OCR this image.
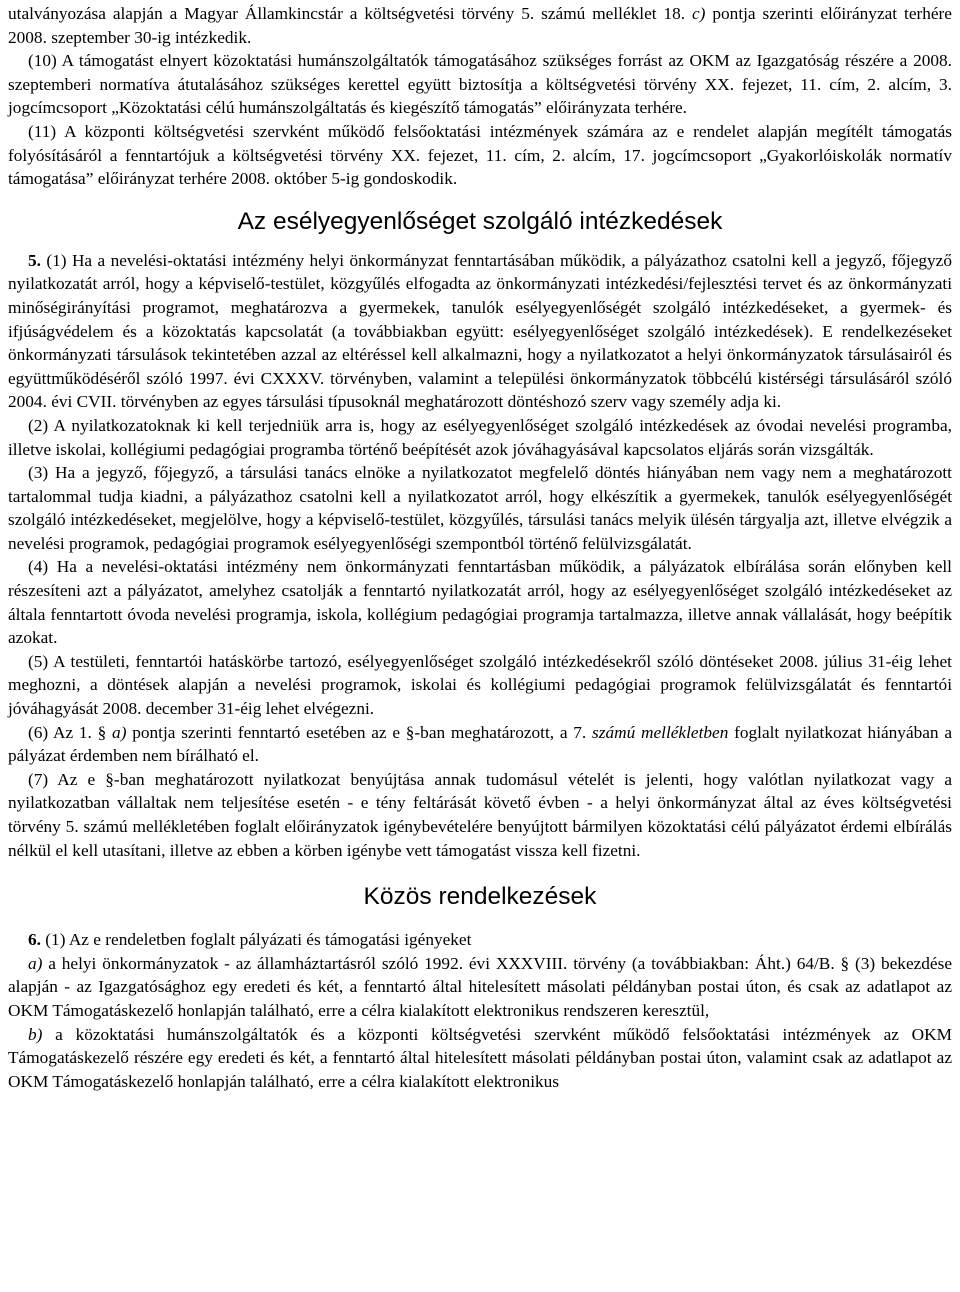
utalványozása alapján a Magyar Államkincstár a költségvetési törvény 5. számú melléklet 18. c) pontja szerinti előirányzat terhére 2008. szeptember 30-ig intézkedik.

(10) A támogatást elnyert közoktatási humánszolgáltatók támogatásához szükséges forrást az OKM az Igazgatóság részére a 2008. szeptemberi normatíva átutalásához szükséges kerettel együtt biztosítja a költségvetési törvény XX. fejezet, 11. cím, 2. alcím, 3. jogcímcsoport „Közoktatási célú humánszolgáltatás és kiegészítő támogatás” előirányzata terhére.

(11) A központi költségvetési szervként működő felsőoktatási intézmények számára az e rendelet alapján megítélt támogatás folyósításáról a fenntartójuk a költségvetési törvény XX. fejezet, 11. cím, 2. alcím, 17. jogcímcsoport „Gyakorlóiskolák normatív támogatása” előirányzat terhére 2008. október 5-ig gondoskodik.

Az esélyegyenlőséget szolgáló intézkedések

5. (1) Ha a nevelési-oktatási intézmény helyi önkormányzat fenntartásában működik, a pályázathoz csatolni kell a jegyző, főjegyző nyilatkozatát arról, hogy a képviselő-testület, közgyűlés elfogadta az önkormányzati intézkedési/fejlesztési tervet és az önkormányzati minőségirányítási programot, meghatározva a gyermekek, tanulók esélyegyenlőségét szolgáló intézkedéseket, a gyermek- és ifjúságvédelem és a közoktatás kapcsolatát (a továbbiakban együtt: esélyegyenlőséget szolgáló intézkedések). E rendelkezéseket önkormányzati társulások tekintetében azzal az eltéréssel kell alkalmazni, hogy a nyilatkozatot a helyi önkormányzatok társulásairól és együttműködéséről szóló 1997. évi CXXXV. törvényben, valamint a települési önkormányzatok többcélú kistérségi társulásáról szóló 2004. évi CVII. törvényben az egyes társulási típusoknál meghatározott döntéshozó szerv vagy személy adja ki.

(2) A nyilatkozatoknak ki kell terjedniük arra is, hogy az esélyegyenlőséget szolgáló intézkedések az óvodai nevelési programba, illetve iskolai, kollégiumi pedagógiai programba történő beépítését azok jóváhagyásával kapcsolatos eljárás során vizsgálták.

(3) Ha a jegyző, főjegyző, a társulási tanács elnöke a nyilatkozatot megfelelő döntés hiányában nem vagy nem a meghatározott tartalommal tudja kiadni, a pályázathoz csatolni kell a nyilatkozatot arról, hogy elkészítik a gyermekek, tanulók esélyegyenlőségét szolgáló intézkedéseket, megjelölve, hogy a képviselő-testület, közgyűlés, társulási tanács melyik ülésén tárgyalja azt, illetve elvégzik a nevelési programok, pedagógiai programok esélyegyenlőségi szempontból történő felülvizsgálatát.

(4) Ha a nevelési-oktatási intézmény nem önkormányzati fenntartásban működik, a pályázatok elbírálása során előnyben kell részesíteni azt a pályázatot, amelyhez csatolják a fenntartó nyilatkozatát arról, hogy az esélyegyenlőséget szolgáló intézkedéseket az általa fenntartott óvoda nevelési programja, iskola, kollégium pedagógiai programja tartalmazza, illetve annak vállalását, hogy beépítik azokat.

(5) A testületi, fenntartói hatáskörbe tartozó, esélyegyenlőséget szolgáló intézkedésekről szóló döntéseket 2008. július 31-éig lehet meghozni, a döntések alapján a nevelési programok, iskolai és kollégiumi pedagógiai programok felülvizsgálatát és fenntartói jóváhagyását 2008. december 31-éig lehet elvégezni.

(6) Az 1. § a) pontja szerinti fenntartó esetében az e §-ban meghatározott, a 7. számú mellékletben foglalt nyilatkozat hiányában a pályázat érdemben nem bírálható el.

(7) Az e §-ban meghatározott nyilatkozat benyújtása annak tudomásul vételét is jelenti, hogy valótlan nyilatkozat vagy a nyilatkozatban vállaltak nem teljesítése esetén - e tény feltárását követő évben - a helyi önkormányzat által az éves költségvetési törvény 5. számú mellékletében foglalt előirányzatok igénybevételére benyújtott bármilyen közoktatási célú pályázatot érdemi elbírálás nélkül el kell utasítani, illetve az ebben a körben igénybe vett támogatást vissza kell fizetni.

Közös rendelkezések

6. (1) Az e rendeletben foglalt pályázati és támogatási igényeket

a) a helyi önkormányzatok - az államháztartásról szóló 1992. évi XXXVIII. törvény (a továbbiakban: Áht.) 64/B. § (3) bekezdése alapján - az Igazgatósághoz egy eredeti és két, a fenntartó által hitelesített másolati példányban postai úton, és csak az adatlapot az OKM Támogatáskezelő honlapján található, erre a célra kialakított elektronikus rendszeren keresztül,

b) a közoktatási humánszolgáltatók és a központi költségvetési szervként működő felsőoktatási intézmények az OKM Támogatáskezelő részére egy eredeti és két, a fenntartó által hitelesített másolati példányban postai úton, valamint csak az adatlapot az OKM Támogatáskezelő honlapján található, erre a célra kialakított elektronikus
